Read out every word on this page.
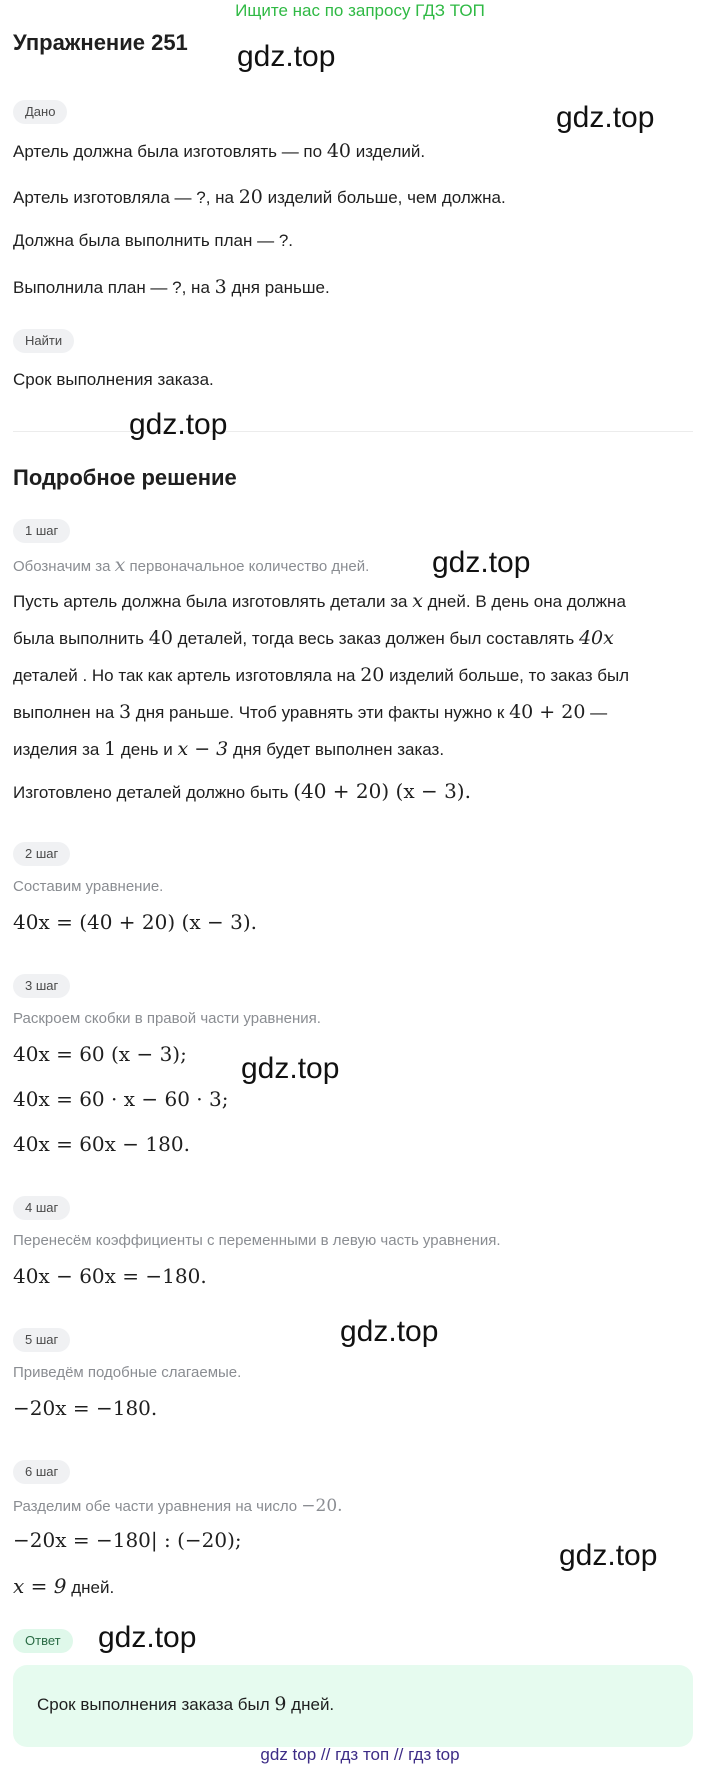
Ищите нас по запросу ГДЗ ТОП
Упражнение 251
Дано
Артель должна была изготовлять — по 40 изделий.
Артель изготовляла — ?, на 20 изделий больше, чем должна.
Должна была выполнить план — ?.
Выполнила план — ?, на 3 дня раньше.
Найти
Срок выполнения заказа.
Подробное решение
1 шаг
Обозначим за x первоначальное количество дней.
Пусть артель должна была изготовлять детали за x дней. В день она должна
была выполнить 40 деталей, тогда весь заказ должен был составлять 40x
деталей . Но так как артель изготовляла на 20 изделий больше, то заказ был
выполнен на 3 дня раньше. Чтоб уравнять эти факты нужно к 40 + 20 —
изделия за 1 день и x − 3 дня будет выполнен заказ.
Изготовлено деталей должно быть (40 + 20) (x − 3).
2 шаг
Составим уравнение.
40x = (40 + 20) (x − 3).
3 шаг
Раскроем скобки в правой части уравнения.
40x = 60 (x − 3);
40x = 60 · x − 60 · 3;
40x = 60x − 180.
4 шаг
Перенесём коэффициенты с переменными в левую часть уравнения.
40x − 60x = −180.
5 шаг
Приведём подобные слагаемые.
−20x = −180.
6 шаг
Разделим обе части уравнения на число −20.
−20x = −180| : (−20);
x = 9 дней.
Ответ
Срок выполнения заказа был 9 дней.
gdz.top
gdz.top
gdz.top
gdz.top
gdz.top
gdz.top
gdz.top
gdz.top
gdz top // гдз топ // гдз top
